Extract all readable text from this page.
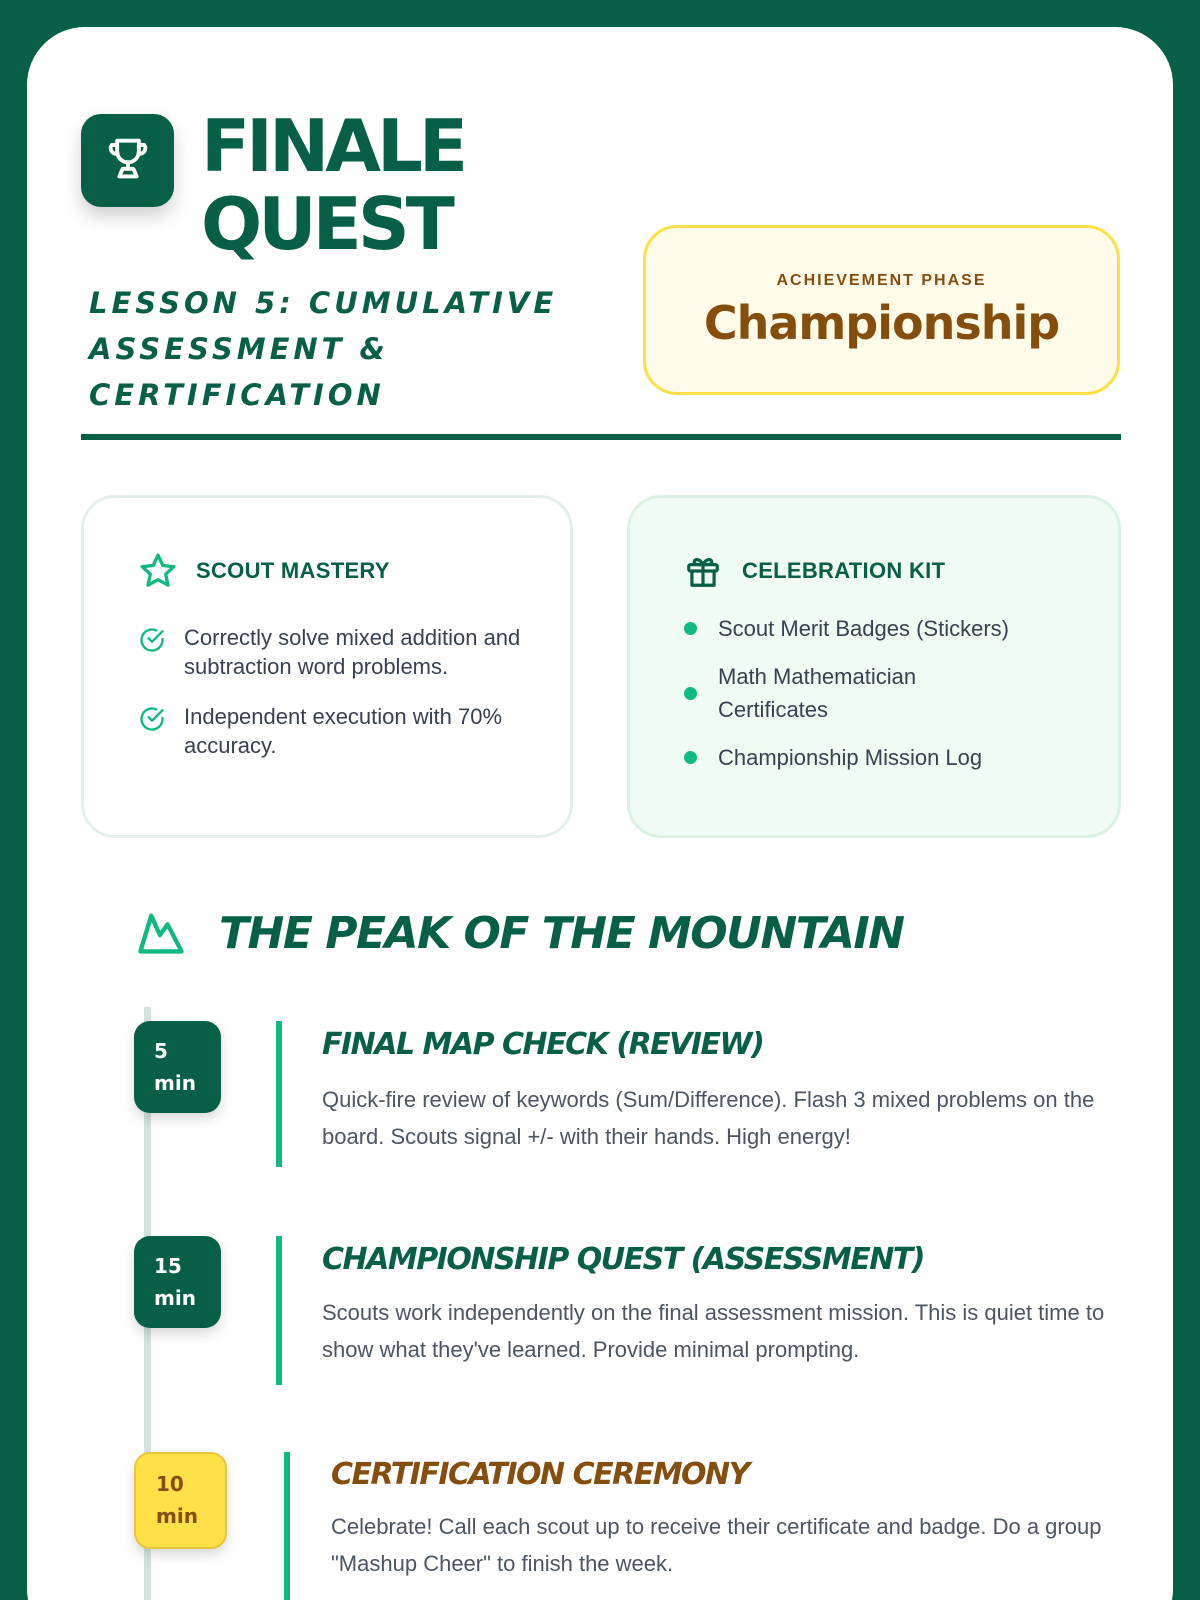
FINALE
QUEST
LESSON 5: CUMULATIVE ASSESSMENT & CERTIFICATION
ACHIEVEMENT PHASE
Championship
SCOUT MASTERY
Correctly solve mixed addition and subtraction word problems.
Independent execution with 70% accuracy.
CELEBRATION KIT
Scout Merit Badges (Stickers)
Math Mathematician Certificates
Championship Mission Log
THE PEAK OF THE MOUNTAIN
5
min
FINAL MAP CHECK (REVIEW)
Quick-fire review of keywords (Sum/Difference). Flash 3 mixed problems on the board. Scouts signal +/- with their hands. High energy!
15
min
CHAMPIONSHIP QUEST (ASSESSMENT)
Scouts work independently on the final assessment mission. This is quiet time to show what they've learned. Provide minimal prompting.
10
min
CERTIFICATION CEREMONY
Celebrate! Call each scout up to receive their certificate and badge. Do a group "Mashup Cheer" to finish the week.
